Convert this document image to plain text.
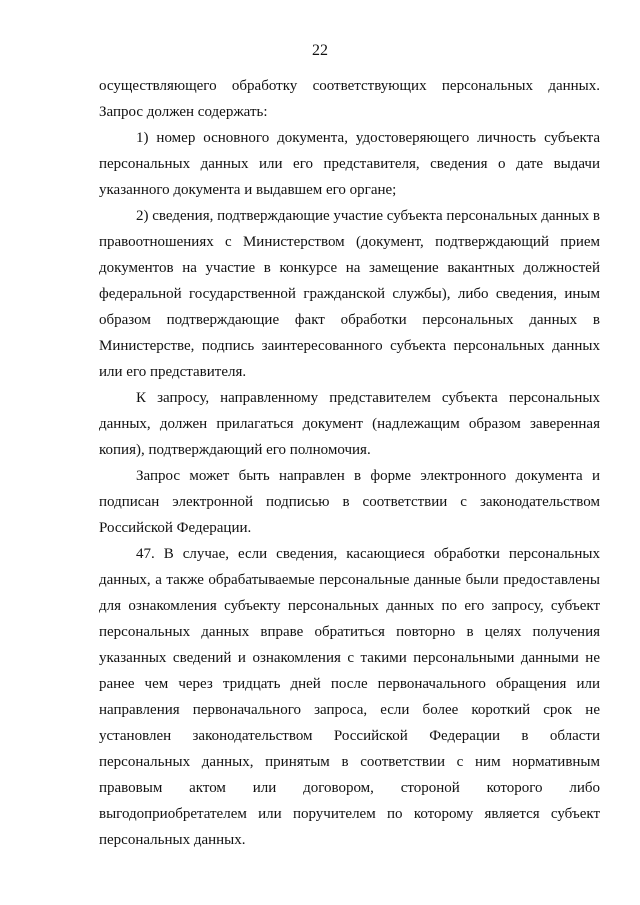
22

осуществляющего обработку соответствующих персональных данных. Запрос должен содержать:

1) номер основного документа, удостоверяющего личность субъекта персональных данных или его представителя, сведения о дате выдачи указанного документа и выдавшем его органе;

2) сведения, подтверждающие участие субъекта персональных данных в правоотношениях с Министерством (документ, подтверждающий прием документов на участие в конкурсе на замещение вакантных должностей федеральной государственной гражданской службы), либо сведения, иным образом подтверждающие факт обработки персональных данных в Министерстве, подпись заинтересованного субъекта персональных данных или его представителя.

К запросу, направленному представителем субъекта персональных данных, должен прилагаться документ (надлежащим образом заверенная копия), подтверждающий его полномочия.

Запрос может быть направлен в форме электронного документа и подписан электронной подписью в соответствии с законодательством Российской Федерации.

47. В случае, если сведения, касающиеся обработки персональных данных, а также обрабатываемые персональные данные были предоставлены для ознакомления субъекту персональных данных по его запросу, субъект персональных данных вправе обратиться повторно в целях получения указанных сведений и ознакомления с такими персональными данными не ранее чем через тридцать дней после первоначального обращения или направления первоначального запроса, если более короткий срок не установлен законодательством Российской Федерации в области персональных данных, принятым в соответствии с ним нормативным правовым актом или договором, стороной которого либо выгодоприобретателем или поручителем по которому является субъект персональных данных.
